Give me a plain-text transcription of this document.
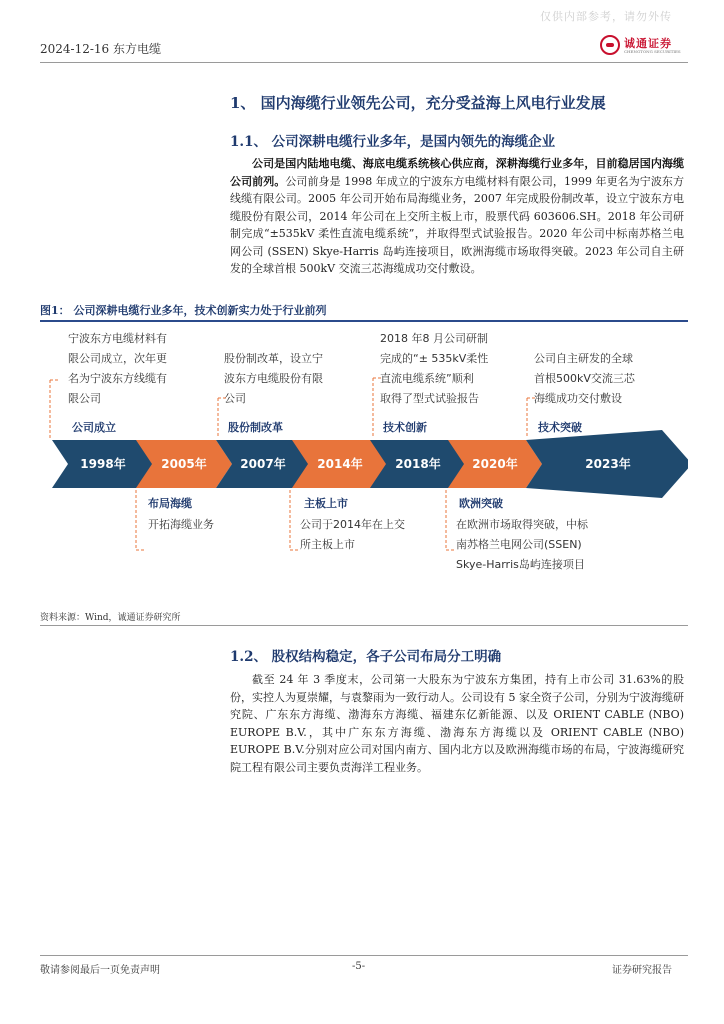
仅供内部参考，请勿外传
2024-12-16 东方电缆	诚通证券
CHENGTONG SECURITIES
1、 国内海缆行业领先公司，充分受益海上风电行业发展
1.1、 公司深耕电缆行业多年，是国内领先的海缆企业

公司是国内陆地电缆、海底电缆系统核心供应商，深耕海缆行业多年，目前稳居国内海缆公司前列。公司前身是 1998 年成立的宁波东方电缆材料有限公司，1999 年更名为宁波东方线缆有限公司。2005 年公司开始布局海缆业务，2007 年完成股份制改革，设立宁波东方电缆股份有限公司，2014 年公司在上交所主板上市，股票代码 603606.SH。2018 年公司研制完成“±535kV 柔性直流电缆系统”，并取得型式试验报告。2020 年公司中标南苏格兰电网公司 (SSEN) Skye-Harris 岛屿连接项目，欧洲海缆市场取得突破。2023 年公司自主研发的全球首根 500kV 交流三芯海缆成功交付敷设。

图1： 公司深耕电缆行业多年，技术创新实力处于行业前列
宁波东方电缆材料有
限公司成立，次年更
名为宁波东方线缆有
限公司
公司成立
股份制改革，设立宁
波东方电缆股份有限
公司
股份制改革
2018 年8 月公司研制
完成的“± 535kV柔性
直流电缆系统”顺利
取得了型式试验报告
技术创新
公司自主研发的全球
首根500kV交流三芯
海缆成功交付敷设
技术突破
1998年	2005年	2007年	2014年	2018年	2020年	2023年
布局海缆
开拓海缆业务
主板上市
公司于2014年在上交
所主板上市
欧洲突破
在欧洲市场取得突破，中标
南苏格兰电网公司(SSEN)
Skye-Harris岛屿连接项目
资料来源：Wind，诚通证券研究所
1.2、 股权结构稳定，各子公司布局分工明确

截至 24 年 3 季度末，公司第一大股东为宁波东方集团，持有上市公司 31.63%的股份，实控人为夏崇耀，与袁黎雨为一致行动人。公司设有 5 家全资子公司，分别为宁波海缆研究院、广东东方海缆、渤海东方海缆、福建东亿新能源、以及 ORIENT CABLE (NBO) EUROPE B.V.，其中广东东方海缆、渤海东方海缆以及 ORIENT CABLE (NBO) EUROPE B.V.分别对应公司对国内南方、国内北方以及欧洲海缆市场的布局，宁波海缆研究院工程有限公司主要负责海洋工程业务。

敬请参阅最后一页免责声明	-5-	证券研究报告
